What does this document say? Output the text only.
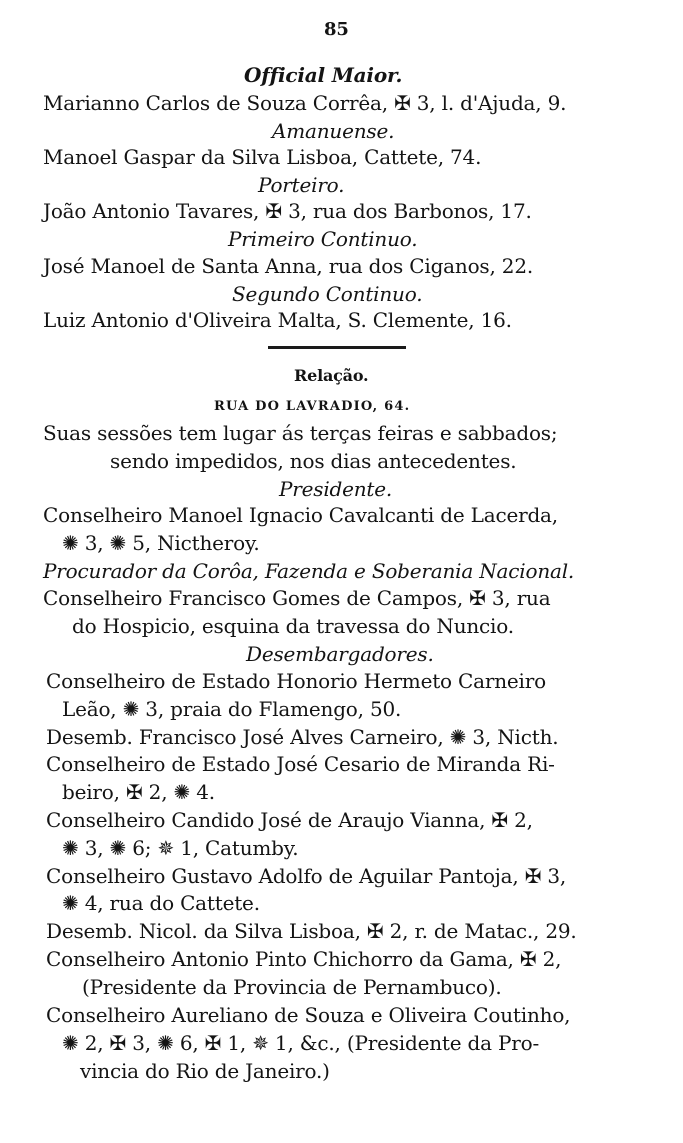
85
Official Maior.
Marianno Carlos de Souza Corrêa, ✠ 3, l. d'Ajuda, 9.
Amanuense.
Manoel Gaspar da Silva Lisboa, Cattete, 74.
Porteiro.
João Antonio Tavares, ✠ 3, rua dos Barbonos, 17.
Primeiro Continuo.
José Manoel de Santa Anna, rua dos Ciganos, 22.
Segundo Continuo.
Luiz Antonio d'Oliveira Malta, S. Clemente, 16.
Relação.
RUA DO LAVRADIO, 64.
Suas sessões tem lugar ás terças feiras e sabbados;
sendo impedidos, nos dias antecedentes.
Presidente.
Conselheiro Manoel Ignacio Cavalcanti de Lacerda,
✺ 3, ✺ 5, Nictheroy.
Procurador da Corôa, Fazenda e Soberania Nacional.
Conselheiro Francisco Gomes de Campos, ✠ 3, rua
do Hospicio, esquina da travessa do Nuncio.
Desembargadores.
Conselheiro de Estado Honorio Hermeto Carneiro
Leão, ✺ 3, praia do Flamengo, 50.
Desemb. Francisco José Alves Carneiro, ✺ 3, Nicth.
Conselheiro de Estado José Cesario de Miranda Ri-
beiro, ✠ 2, ✺ 4.
Conselheiro Candido José de Araujo Vianna, ✠ 2,
✺ 3, ✺ 6; ✵ 1, Catumby.
Conselheiro Gustavo Adolfo de Aguilar Pantoja, ✠ 3,
✺ 4, rua do Cattete.
Desemb. Nicol. da Silva Lisboa, ✠ 2, r. de Matac., 29.
Conselheiro Antonio Pinto Chichorro da Gama, ✠ 2,
(Presidente da Provincia de Pernambuco).
Conselheiro Aureliano de Souza e Oliveira Coutinho,
✺ 2, ✠ 3, ✺ 6, ✠ 1, ✵ 1, &c., (Presidente da Pro-
vincia do Rio de Janeiro.)
